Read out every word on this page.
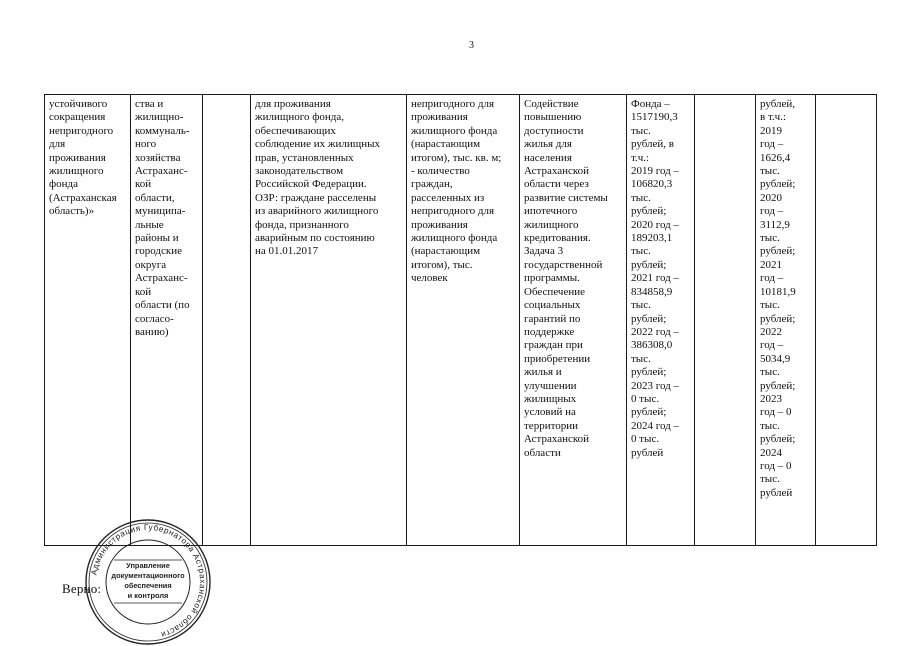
3
устойчивого
сокращения
непригодного
для
проживания
жилищного
фонда
(Астраханская
область)»	ства и
жилищно-
коммуналь-
ного
хозяйства
Астраханс-
кой
области,
муниципа-
льные
районы и
городские
округа
Астраханс-
кой
области (по
согласо-
ванию)		для проживания
жилищного фонда,
обеспечивающих
соблюдение их жилищных
прав, установленных
законодательством
Российской Федерации.
ОЗР: граждане расселены
из аварийного жилищного
фонда, признанного
аварийным по состоянию
на 01.01.2017	непригодного для
проживания
жилищного фонда
(нарастающим
итогом), тыс. кв. м;
- количество
граждан,
расселенных из
непригодного для
проживания
жилищного фонда
(нарастающим
итогом), тыс.
человек	Содействие
повышению
доступности
жилья для
населения
Астраханской
области через
развитие системы
ипотечного
жилищного
кредитования.
Задача 3
государственной
программы.
Обеспечение
социальных
гарантий по
поддержке
граждан при
приобретении
жилья и
улучшении
жилищных
условий на
территории
Астраханской
области	Фонда –
1517190,3
тыс.
рублей, в
т.ч.:
2019 год –
106820,3
тыс.
рублей;
2020 год –
189203,1
тыс.
рублей;
2021 год –
834858,9
тыс.
рублей;
2022 год –
386308,0
тыс.
рублей;
2023 год –
0 тыс.
рублей;
2024 год –
0 тыс.
рублей		рублей,
в т.ч.:
2019
год –
1626,4
тыс.
рублей;
2020
год –
3112,9
тыс.
рублей;
2021
год –
10181,9
тыс.
рублей;
2022
год –
5034,9
тыс.
рублей;
2023
год – 0
тыс.
рублей;
2024
год – 0
тыс.
рублей	
Верно:
Администрация Губернатора Астраханской области
Управление
документационного
обеспечения
и контроля
